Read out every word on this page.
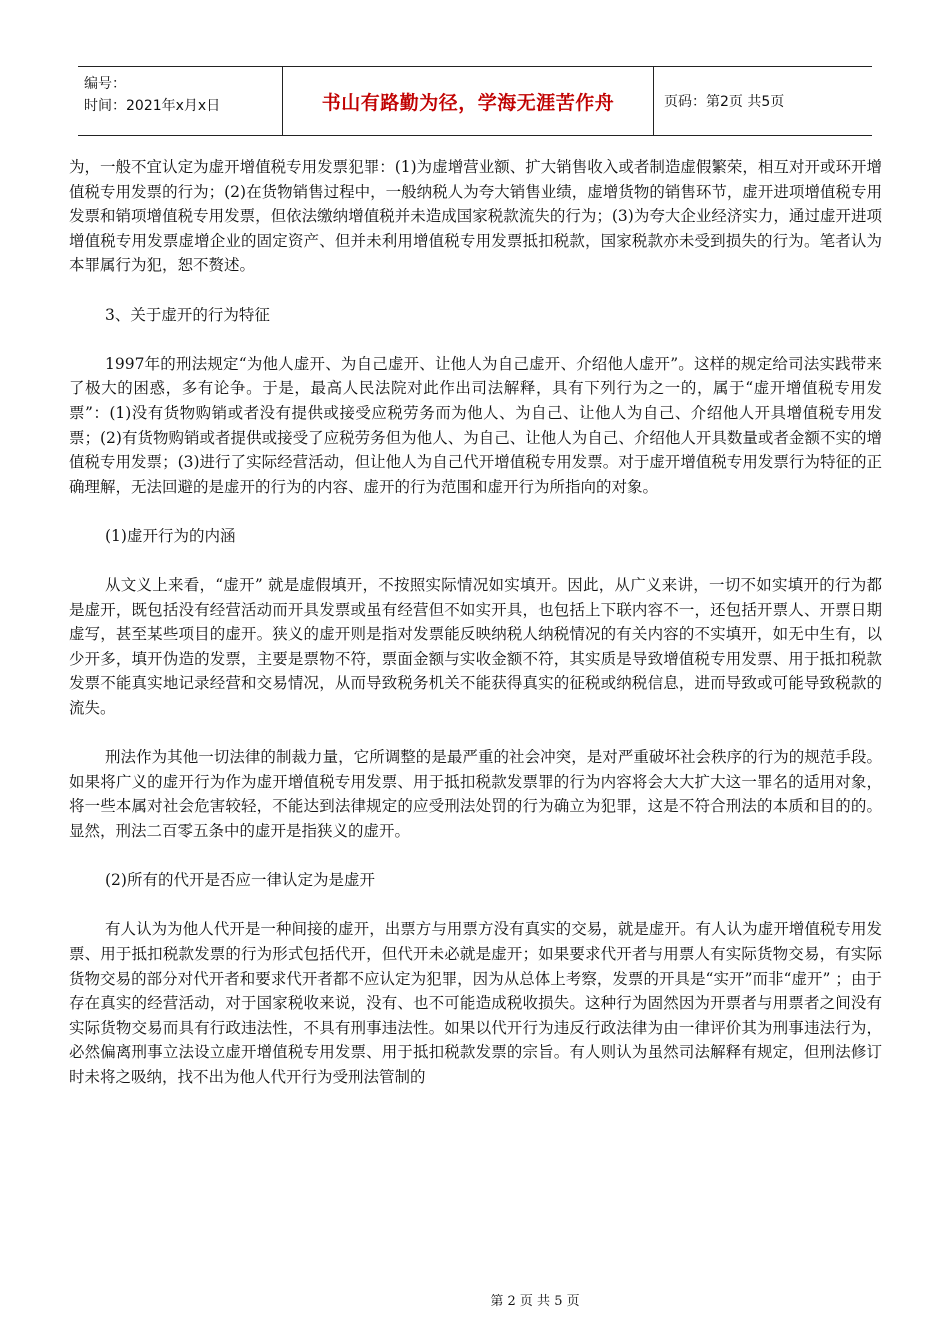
编号：
时间：2021年x月x日	书山有路勤为径，学海无涯苦作舟	页码：第2页 共5页

为，一般不宜认定为虚开增值税专用发票犯罪：(1)为虚增营业额、扩大销售收入或者制造虚假繁荣，相互对开或环开增值税专用发票的行为；(2)在货物销售过程中，一般纳税人为夸大销售业绩，虚增货物的销售环节，虚开进项增值税专用发票和销项增值税专用发票，但依法缴纳增值税并未造成国家税款流失的行为；(3)为夸大企业经济实力，通过虚开进项增值税专用发票虚增企业的固定资产、但并未利用增值税专用发票抵扣税款，国家税款亦未受到损失的行为。笔者认为本罪属行为犯，恕不赘述。

3、关于虚开的行为特征

1997年的刑法规定“为他人虚开、为自己虚开、让他人为自己虚开、介绍他人虚开”。这样的规定给司法实践带来了极大的困惑，多有论争。于是，最高人民法院对此作出司法解释，具有下列行为之一的，属于“虚开增值税专用发票”：(1)没有货物购销或者没有提供或接受应税劳务而为他人、为自己、让他人为自己、介绍他人开具增值税专用发票；(2)有货物购销或者提供或接受了应税劳务但为他人、为自己、让他人为自己、介绍他人开具数量或者金额不实的增值税专用发票；(3)进行了实际经营活动，但让他人为自己代开增值税专用发票。对于虚开增值税专用发票行为特征的正确理解，无法回避的是虚开的行为的内容、虚开的行为范围和虚开行为所指向的对象。

(1)虚开行为的内涵

从文义上来看，“虚开” 就是虚假填开，不按照实际情况如实填开。因此，从广义来讲，一切不如实填开的行为都是虚开，既包括没有经营活动而开具发票或虽有经营但不如实开具，也包括上下联内容不一，还包括开票人、开票日期虚写，甚至某些项目的虚开。狭义的虚开则是指对发票能反映纳税人纳税情况的有关内容的不实填开，如无中生有，以少开多，填开伪造的发票，主要是票物不符，票面金额与实收金额不符，其实质是导致增值税专用发票、用于抵扣税款发票不能真实地记录经营和交易情况，从而导致税务机关不能获得真实的征税或纳税信息，进而导致或可能导致税款的流失。

刑法作为其他一切法律的制裁力量，它所调整的是最严重的社会冲突，是对严重破坏社会秩序的行为的规范手段。如果将广义的虚开行为作为虚开增值税专用发票、用于抵扣税款发票罪的行为内容将会大大扩大这一罪名的适用对象，将一些本属对社会危害较轻，不能达到法律规定的应受刑法处罚的行为确立为犯罪，这是不符合刑法的本质和目的的。显然，刑法二百零五条中的虚开是指狭义的虚开。

(2)所有的代开是否应一律认定为是虚开

有人认为为他人代开是一种间接的虚开，出票方与用票方没有真实的交易，就是虚开。有人认为虚开增值税专用发票、用于抵扣税款发票的行为形式包括代开，但代开未必就是虚开；如果要求代开者与用票人有实际货物交易，有实际货物交易的部分对代开者和要求代开者都不应认定为犯罪，因为从总体上考察，发票的开具是“实开”而非“虚开” ；由于存在真实的经营活动，对于国家税收来说，没有、也不可能造成税收损失。这种行为固然因为开票者与用票者之间没有实际货物交易而具有行政违法性，不具有刑事违法性。如果以代开行为违反行政法律为由一律评价其为刑事违法行为，必然偏离刑事立法设立虚开增值税专用发票、用于抵扣税款发票的宗旨。有人则认为虽然司法解释有规定，但刑法修订时未将之吸纳，找不出为他人代开行为受刑法管制的

第 2 页 共 5 页
